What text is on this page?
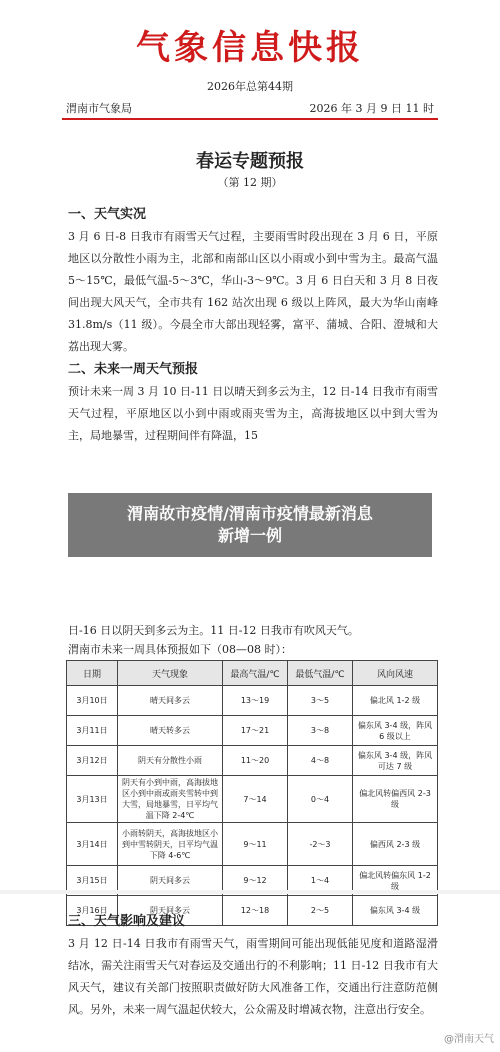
气象信息快报
2026年总第44期
渭南市气象局	2026 年 3 月 9 日 11 时
春运专题预报
（第 12 期）
一、天气实况

3 月 6 日-8 日我市有雨雪天气过程，主要雨雪时段出现在 3 月 6 日，平原地区以分散性小雨为主，北部和南部山区以小雨或小到中雪为主。最高气温 5～15℃，最低气温-5～3℃，华山-3～9℃。3 月 6 日白天和 3 月 8 日夜间出现大风天气，全市共有 162 站次出现 6 级以上阵风，最大为华山南峰 31.8m/s（11 级）。今晨全市大部出现轻雾，富平、蒲城、合阳、澄城和大荔出现大雾。

二、未来一周天气预报

预计未来一周 3 月 10 日-11 日以晴天到多云为主，12 日-14 日我市有雨雪天气过程，平原地区以小到中雨或雨夹雪为主，高海拔地区以中到大雪为主，局地暴雪，过程期间伴有降温，15

渭南故市疫情/渭南市疫情最新消息
新增一例

日-16 日以阴天到多云为主。11 日-12 日我市有吹风天气。

渭南市未来一周具体预报如下（08—08 时）：

日期	天气现象	最高气温/℃	最低气温/℃	风向风速
3月10日	晴天间多云	13～19	3～5	偏北风 1-2 级
3月11日	晴天转多云	17～21	3～8	偏东风 3-4 级，阵风 6 级以上
3月12日	阴天有分散性小雨	11～20	4～8	偏东风 3-4 级，阵风可达 7 级
3月13日	阴天有小到中雨，高海拔地区小到中雨或雨夹雪转中到大雪，局地暴雪，日平均气温下降 2-4℃	7～14	0～4	偏北风转偏西风 2-3 级
3月14日	小雨转阴天，高海拔地区小到中雪转阴天，日平均气温下降 4-6℃	9～11	-2～3	偏西风 2-3 级
3月15日	阴天间多云	9～12	1～4	偏北风转偏东风 1-2 级
3月16日	阴天间多云	12～18	2～5	偏东风 3-4 级
三、天气影响及建议

3 月 12 日-14 日我市有雨雪天气，雨雪期间可能出现低能见度和道路湿滑结冰，需关注雨雪天气对春运及交通出行的不利影响；11 日-12 日我市有大风天气，建议有关部门按照职责做好防大风准备工作，交通出行注意防范侧风。另外，未来一周气温起伏较大，公众需及时增减衣物，注意出行安全。

@渭南天气
